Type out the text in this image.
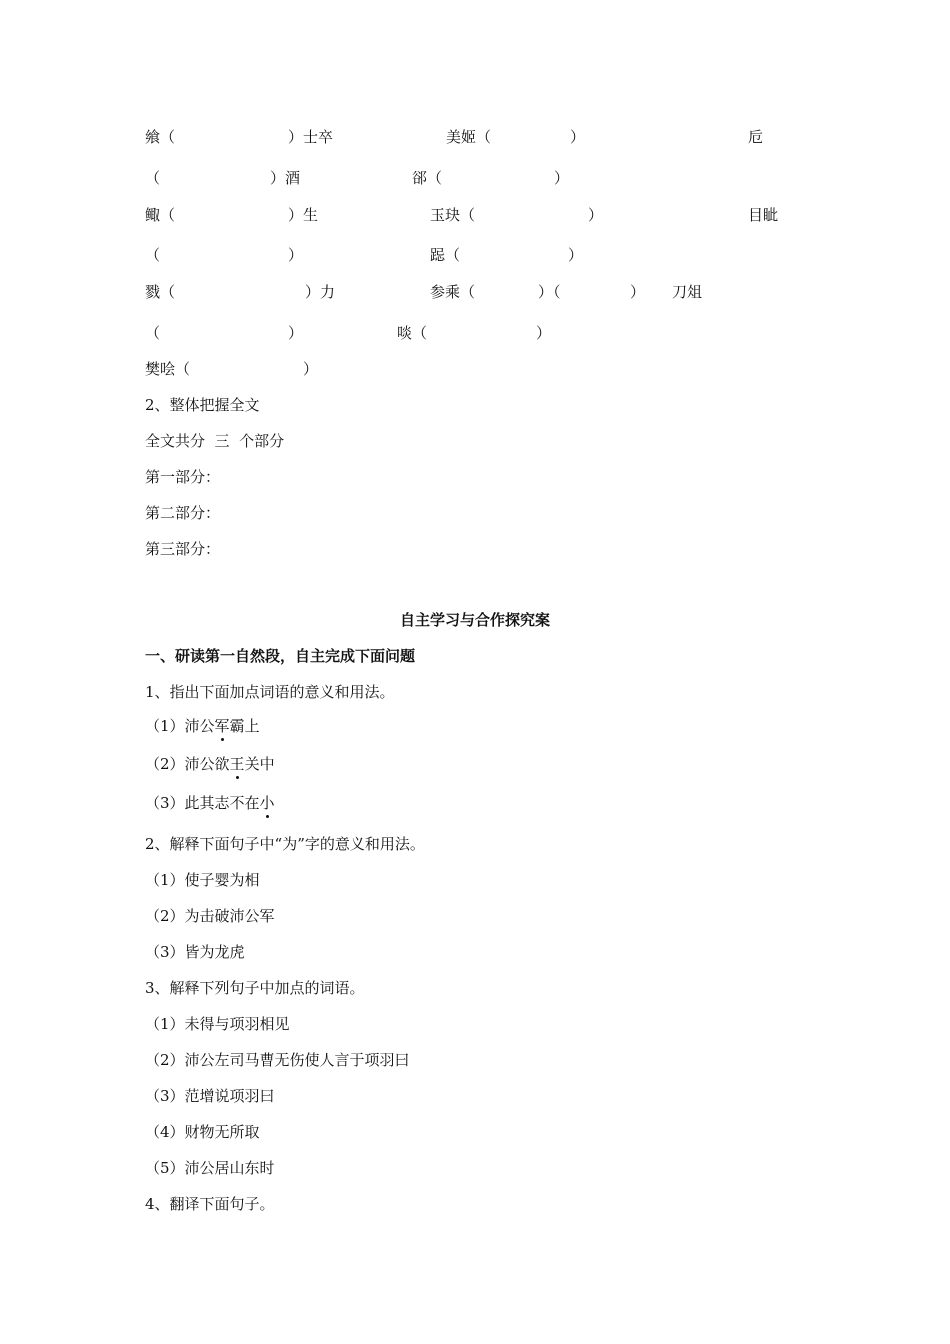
飨（	）士卒	美姬（	）	卮
（	）酒	郤（	）
鲰（	）生	玉玦（	）	目眦
（	）	跽（	）
戮（	）力	参乘（	）（	） 刀俎
（	）	啖（	）
樊哙（	）
2、整体把握全文
全文共分  三  个部分
第一部分：
第二部分：
第三部分：
自主学习与合作探究案
一、研读第一自然段，自主完成下面问题
1、指出下面加点词语的意义和用法。
（1）沛公军霸上
（2）沛公欲王关中
（3）此其志不在小
2、解释下面句子中“为”字的意义和用法。
（1）使子婴为相
（2）为击破沛公军
（3）皆为龙虎
3、解释下列句子中加点的词语。
（1）未得与项羽相见
（2）沛公左司马曹无伤使人言于项羽曰
（3）范增说项羽曰
（4）财物无所取
（5）沛公居山东时
4、翻译下面句子。
